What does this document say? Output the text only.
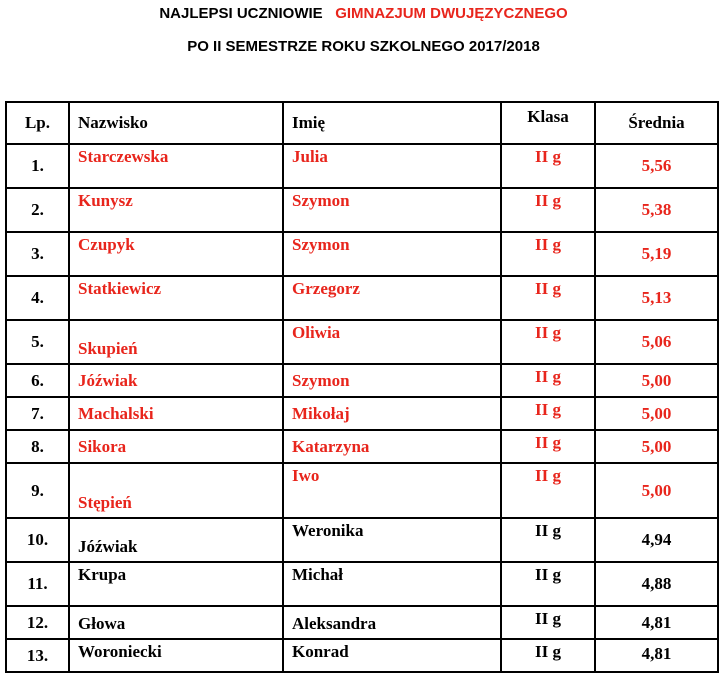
NAJLEPSI UCZNIOWIE GIMNAZJUM DWUJĘZYCZNEGO
PO II SEMESTRZE ROKU SZKOLNEGO 2017/2018
Lp.	Nazwisko	Imię	Klasa	Średnia
1.	Starczewska	Julia	II g	5,56
2.	Kunysz	Szymon	II g	5,38
3.	Czupyk	Szymon	II g	5,19
4.	Statkiewicz	Grzegorz	II g	5,13
5.	Skupień	Oliwia	II g	5,06
6.	Jóźwiak	Szymon	II g	5,00
7.	Machalski	Mikołaj	II g	5,00
8.	Sikora	Katarzyna	II g	5,00
9.	Stępień	Iwo	II g	5,00
10.	Jóźwiak	Weronika	II g	4,94
11.	Krupa	Michał	II g	4,88
12.	Głowa	Aleksandra	II g	4,81
13.	Woroniecki	Konrad	II g	4,81
